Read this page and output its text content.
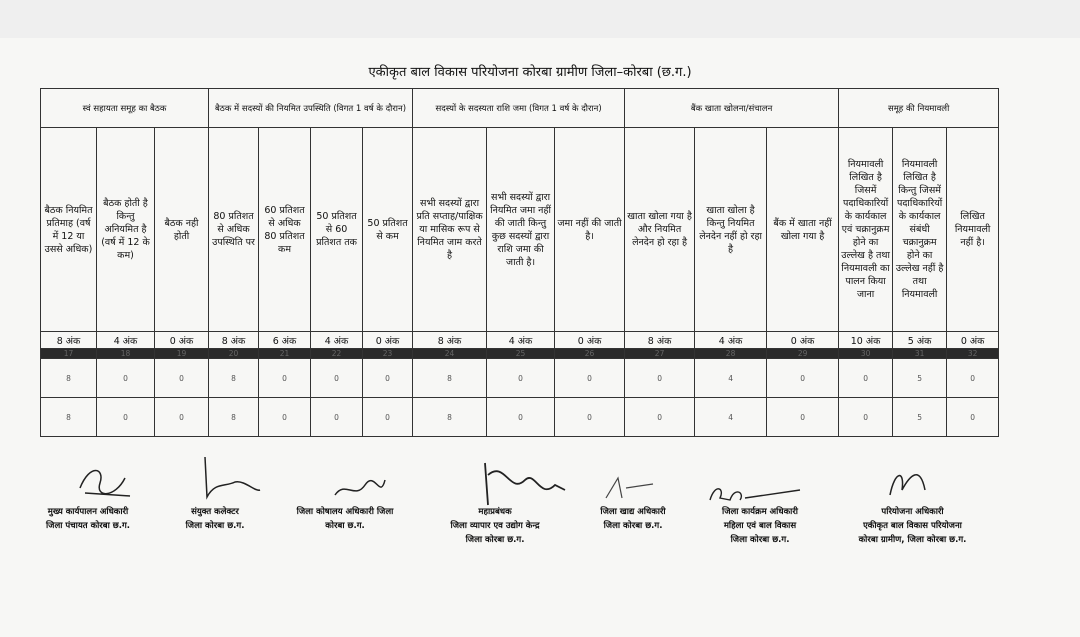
एकीकृत बाल विकास परियोजना कोरबा ग्रामीण जिला–कोरबा (छ.ग.)
स्वं सहायता समूह का बैठक			बैठक में सदस्यों की नियमित उपस्थिति (विगत 1 वर्ष के दौरान)				सदस्यों के सदस्यता राशि जमा (विगत 1 वर्ष के दौरान)			बैंक खाता खोलना/संचालन			समूह की नियमावली		
बैठक नियमित प्रतिमाह (वर्ष में 12 या उससे अधिक)	बैठक होती है किन्तु अनियमित है (वर्ष में 12 के कम)	बैठक नही होती	80 प्रतिशत से अधिक उपस्थिति पर	60 प्रतिशत से अधिक 80 प्रतिशत कम	50 प्रतिशत से 60 प्रतिशत तक	50 प्रतिशत से कम	सभी सदस्यों द्वारा प्रति सप्ताह/पाक्षिक या मासिक रूप से नियमित जाम करते है	सभी सदस्यों द्वारा नियमित जमा नहीं की जाती किन्तु कुछ सदस्यों द्वारा राशि जमा की जाती है।	जमा नहीं की जाती है।	खाता खोला गया है और नियमित लेनदेन हो रहा है	खाता खोला है किन्तु नियमित लेनदेन नहीं हो रहा है	बैंक में खाता नहीं खोला गया है	नियमावली लिखित है जिसमें पदाधिकारियों के कार्यकाल एवं चक्रानुक्रम होने का उल्लेख है तथा नियमावली का पालन किया जाना	नियमावली लिखित है किन्तु जिसमें पदाधिकारियों के कार्यकाल संबंधी चक्रानुक्रम होने का उल्लेख नहीं है तथा नियमावली	लिखित नियमावली नहीं है।
8 अंक	4 अंक	0 अंक	8 अंक	6 अंक	4 अंक	0 अंक	8 अंक	4 अंक	0 अंक	8 अंक	4 अंक	0 अंक	10 अंक	5 अंक	0 अंक
17	18	19	20	21	22	23	24	25	26	27	28	29	30	31	32
8	0	0	8	0	0	0	8	0	0	0	4	0	0	5	0
8	0	0	8	0	0	0	8	0	0	0	4	0	0	5	0
मुख्य कार्यपालन अधिकारी
जिला पंचायत कोरबा छ.ग.
संयुक्त कलेक्टर
जिला कोरबा छ.ग.
जिला कोषालय अधिकारी जिला
कोरबा छ.ग.
महाप्रबंधक
जिला व्यापार एव उद्योग केन्द्र
जिला कोरबा छ.ग.
जिला खाद्य अधिकारी
जिला कोरबा छ.ग.
जिला कार्यक्रम अधिकारी
महिला एवं बाल विकास
जिला कोरबा छ.ग.
परियोजना अधिकारी
एकीकृत बाल विकास परियोजना
कोरबा ग्रामीण, जिला कोरबा छ.ग.
